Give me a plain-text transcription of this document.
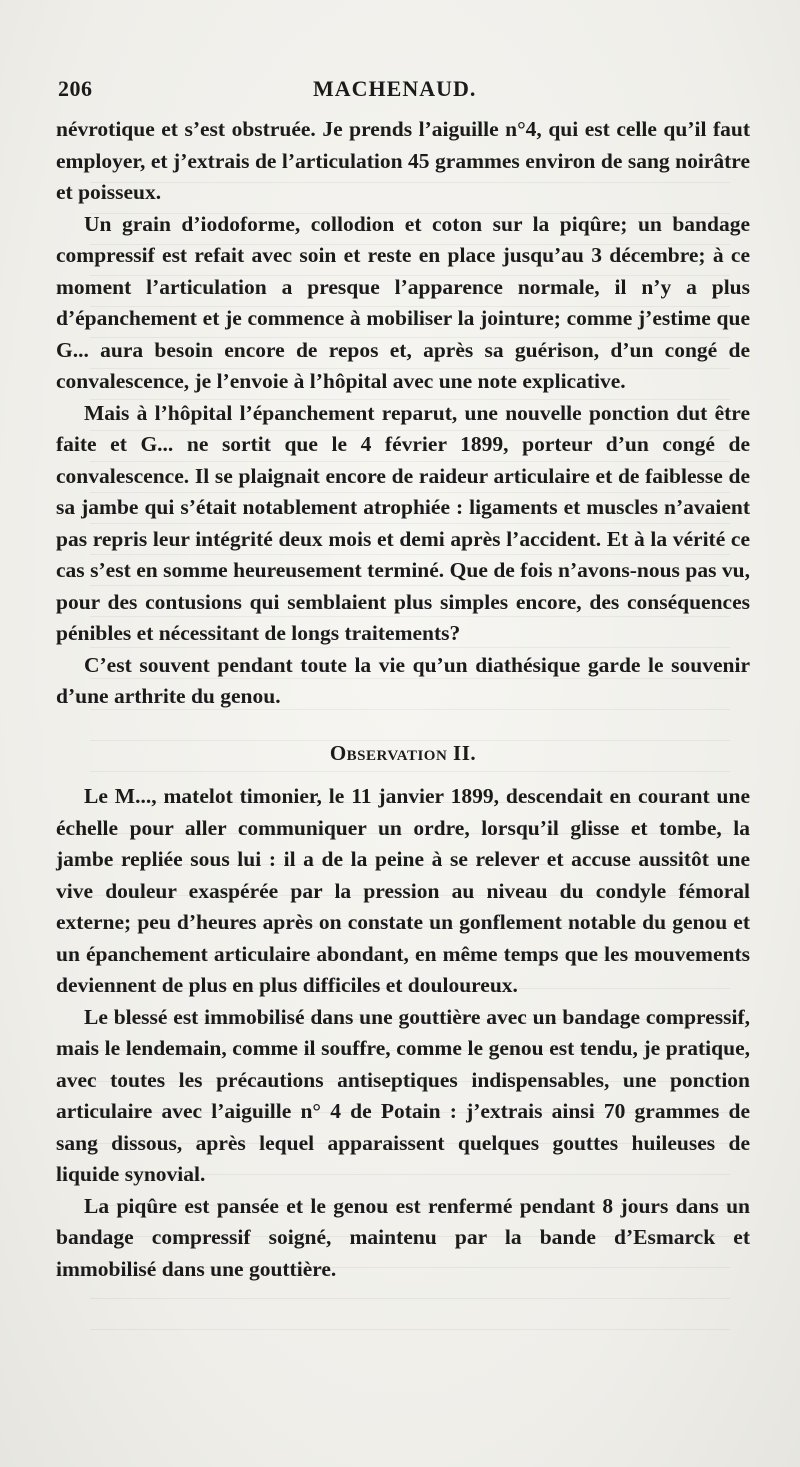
206	MACHENAUD.

névrotique et s’est obstruée. Je prends l’aiguille n°4, qui est celle qu’il faut employer, et j’extrais de l’articulation 45 grammes environ de sang noirâtre et poisseux.

Un grain d’iodoforme, collodion et coton sur la piqûre; un bandage compressif est refait avec soin et reste en place jusqu’au 3 décembre; à ce moment l’articulation a presque l’apparence normale, il n’y a plus d’épanchement et je commence à mobiliser la jointure; comme j’estime que G... aura besoin encore de repos et, après sa guérison, d’un congé de convalescence, je l’envoie à l’hôpital avec une note explicative.

Mais à l’hôpital l’épanchement reparut, une nouvelle ponction dut être faite et G... ne sortit que le 4 février 1899, porteur d’un congé de convalescence. Il se plaignait encore de raideur articulaire et de faiblesse de sa jambe qui s’était notablement atrophiée : ligaments et muscles n’avaient pas repris leur intégrité deux mois et demi après l’accident. Et à la vérité ce cas s’est en somme heureusement terminé. Que de fois n’avons-nous pas vu, pour des contusions qui semblaient plus simples encore, des conséquences pénibles et nécessitant de longs traitements?

C’est souvent pendant toute la vie qu’un diathésique garde le souvenir d’une arthrite du genou.

Observation II.

Le M..., matelot timonier, le 11 janvier 1899, descendait en courant une échelle pour aller communiquer un ordre, lorsqu’il glisse et tombe, la jambe repliée sous lui : il a de la peine à se relever et accuse aussitôt une vive douleur exaspérée par la pression au niveau du condyle fémoral externe; peu d’heures après on constate un gonflement notable du genou et un épanchement articulaire abondant, en même temps que les mouvements deviennent de plus en plus difficiles et douloureux.

Le blessé est immobilisé dans une gouttière avec un bandage compressif, mais le lendemain, comme il souffre, comme le genou est tendu, je pratique, avec toutes les précautions antiseptiques indispensables, une ponction articulaire avec l’aiguille n° 4 de Potain : j’extrais ainsi 70 grammes de sang dissous, après lequel apparaissent quelques gouttes huileuses de liquide synovial.

La piqûre est pansée et le genou est renfermé pendant 8 jours dans un bandage compressif soigné, maintenu par la bande d’Esmarck et immobilisé dans une gouttière.
